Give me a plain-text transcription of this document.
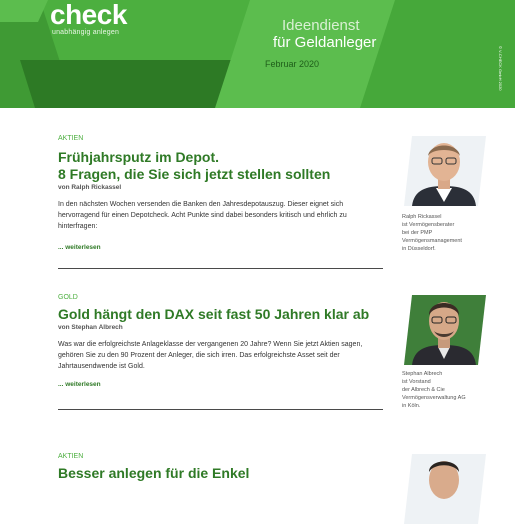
check
unabhängig anlegen	Ideendienst
für Geldanleger
Februar 2020	© V-CHECK GmbH 2020
AKTIEN
Frühjahrsputz im Depot.
8 Fragen, die Sie sich jetzt stellen sollten
von Ralph Rickassel
In den nächsten Wochen versenden die Banken den Jahresdepotauszug. Dieser eignet sich hervorragend für einen Depotcheck. Acht Punkte sind dabei besonders kritisch und ehrlich zu hinterfragen:
... weiterlesen
Ralph Rickassel
ist Vermögensberater
bei der PMP
Vermögensmanagement
in Düsseldorf.
GOLD
Gold hängt den DAX seit fast 50 Jahren klar ab
von Stephan Albrech
Was war die erfolgreichste Anlageklasse der vergangenen 20 Jahre? Wenn Sie jetzt Aktien sagen, gehören Sie zu den 90 Prozent der Anleger, die sich irren. Das erfolgreichste Asset seit der Jahrtausendwende ist Gold.
... weiterlesen
Stephan Albrech
ist Vorstand
der Albrech & Cie
Vermögensverwaltung AG
in Köln.
AKTIEN
Besser anlegen für die Enkel
